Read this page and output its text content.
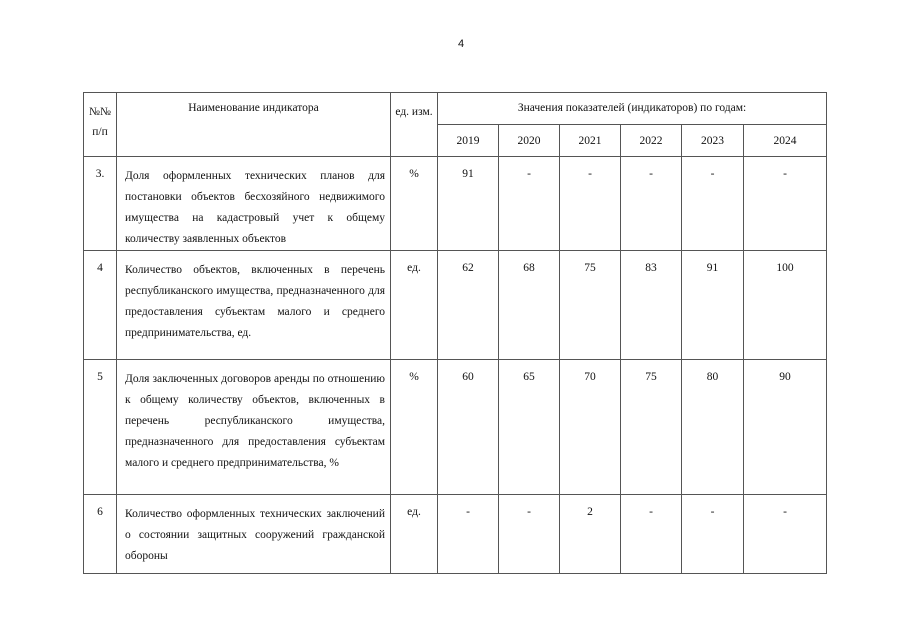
4
№№ п/п	Наименование индикатора	ед. изм.	Значения показателей (индикаторов) по годам:					
			2019	2020	2021	2022	2023	2024
3.	Доля оформленных технических планов для постановки объектов бесхозяйного недвижимого имущества на кадастровый учет к общему количеству заявленных объектов	%	91	-	-	-	-	-
4	Количество объектов, включенных в перечень республиканского имущества, предназначенного для предоставления субъектам малого и среднего предпринимательства, ед.	ед.	62	68	75	83	91	100
5	Доля заключенных договоров аренды по отношению к общему количеству объектов, включенных в перечень республиканского имущества, предназначенного для предоставления субъектам малого и среднего предпринимательства, %	%	60	65	70	75	80	90
6	Количество оформленных технических заключений о состоянии защитных сооружений гражданской обороны	ед.	-	-	2	-	-	-
